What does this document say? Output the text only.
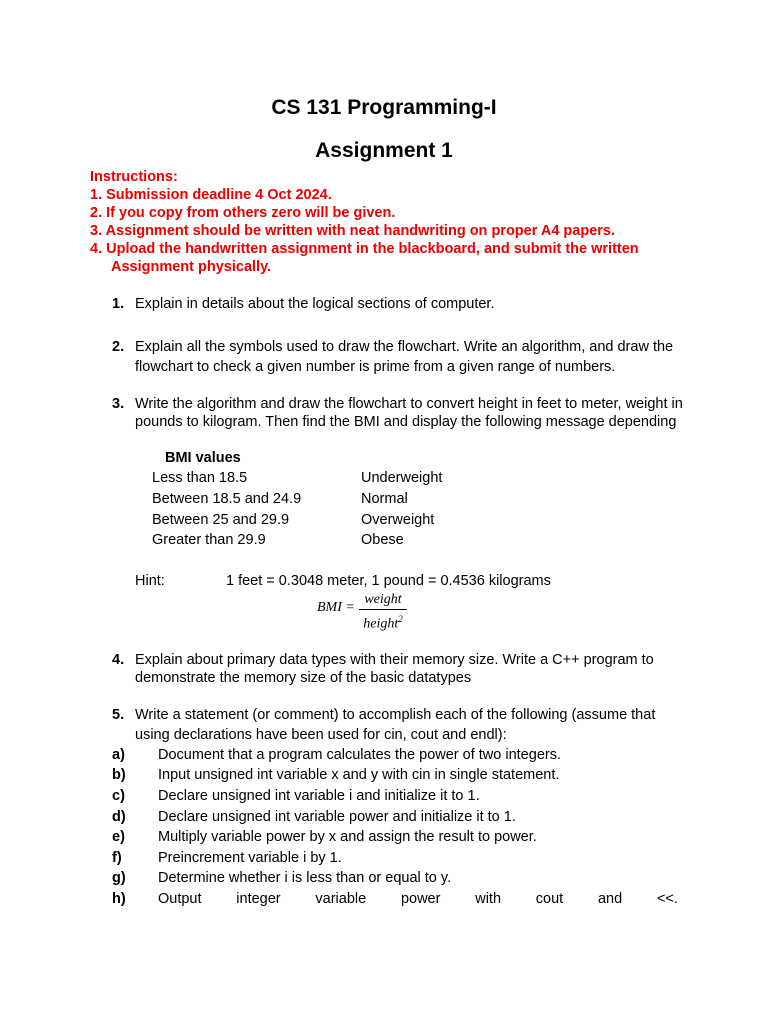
CS 131 Programming-I
Assignment 1
Instructions:
1. Submission deadline 4 Oct 2024.
2. If you copy from others zero will be given.
3. Assignment should be written with neat handwriting on proper A4 papers.
4. Upload the handwritten assignment in the blackboard, and submit the written
Assignment physically.
1. Explain in details about the logical sections of computer.
2. Explain all the symbols used to draw the flowchart. Write an algorithm, and draw the flowchart to check a given number is prime from a given range of numbers.
3. Write the algorithm and draw the flowchart to convert height in feet to meter, weight in pounds to kilogram. Then find the BMI and display the following message depending
BMI values
Less than 18.5	Underweight
Between 18.5 and 24.9	Normal
Between 25 and 29.9	Overweight
Greater than 29.9	Obese
Hint:	1 feet = 0.3048 meter, 1 pound = 0.4536 kilograms
BMI =
weight
height$^2$
4. Explain about primary data types with their memory size. Write a C++ program to demonstrate the memory size of the basic datatypes
5. Write a statement (or comment) to accomplish each of the following (assume that using declarations have been used for cin, cout and endl):
a) Document that a program calculates the power of two integers.
b) Input unsigned int variable x and y with cin in single statement.
c) Declare unsigned int variable i and initialize it to 1.
d) Declare unsigned int variable power and initialize it to 1.
e) Multiply variable power by x and assign the result to power.
f)	Preincrement variable i by 1.
g) Determine whether i is less than or equal to y.
h) Output integer variable power with cout and <<.
